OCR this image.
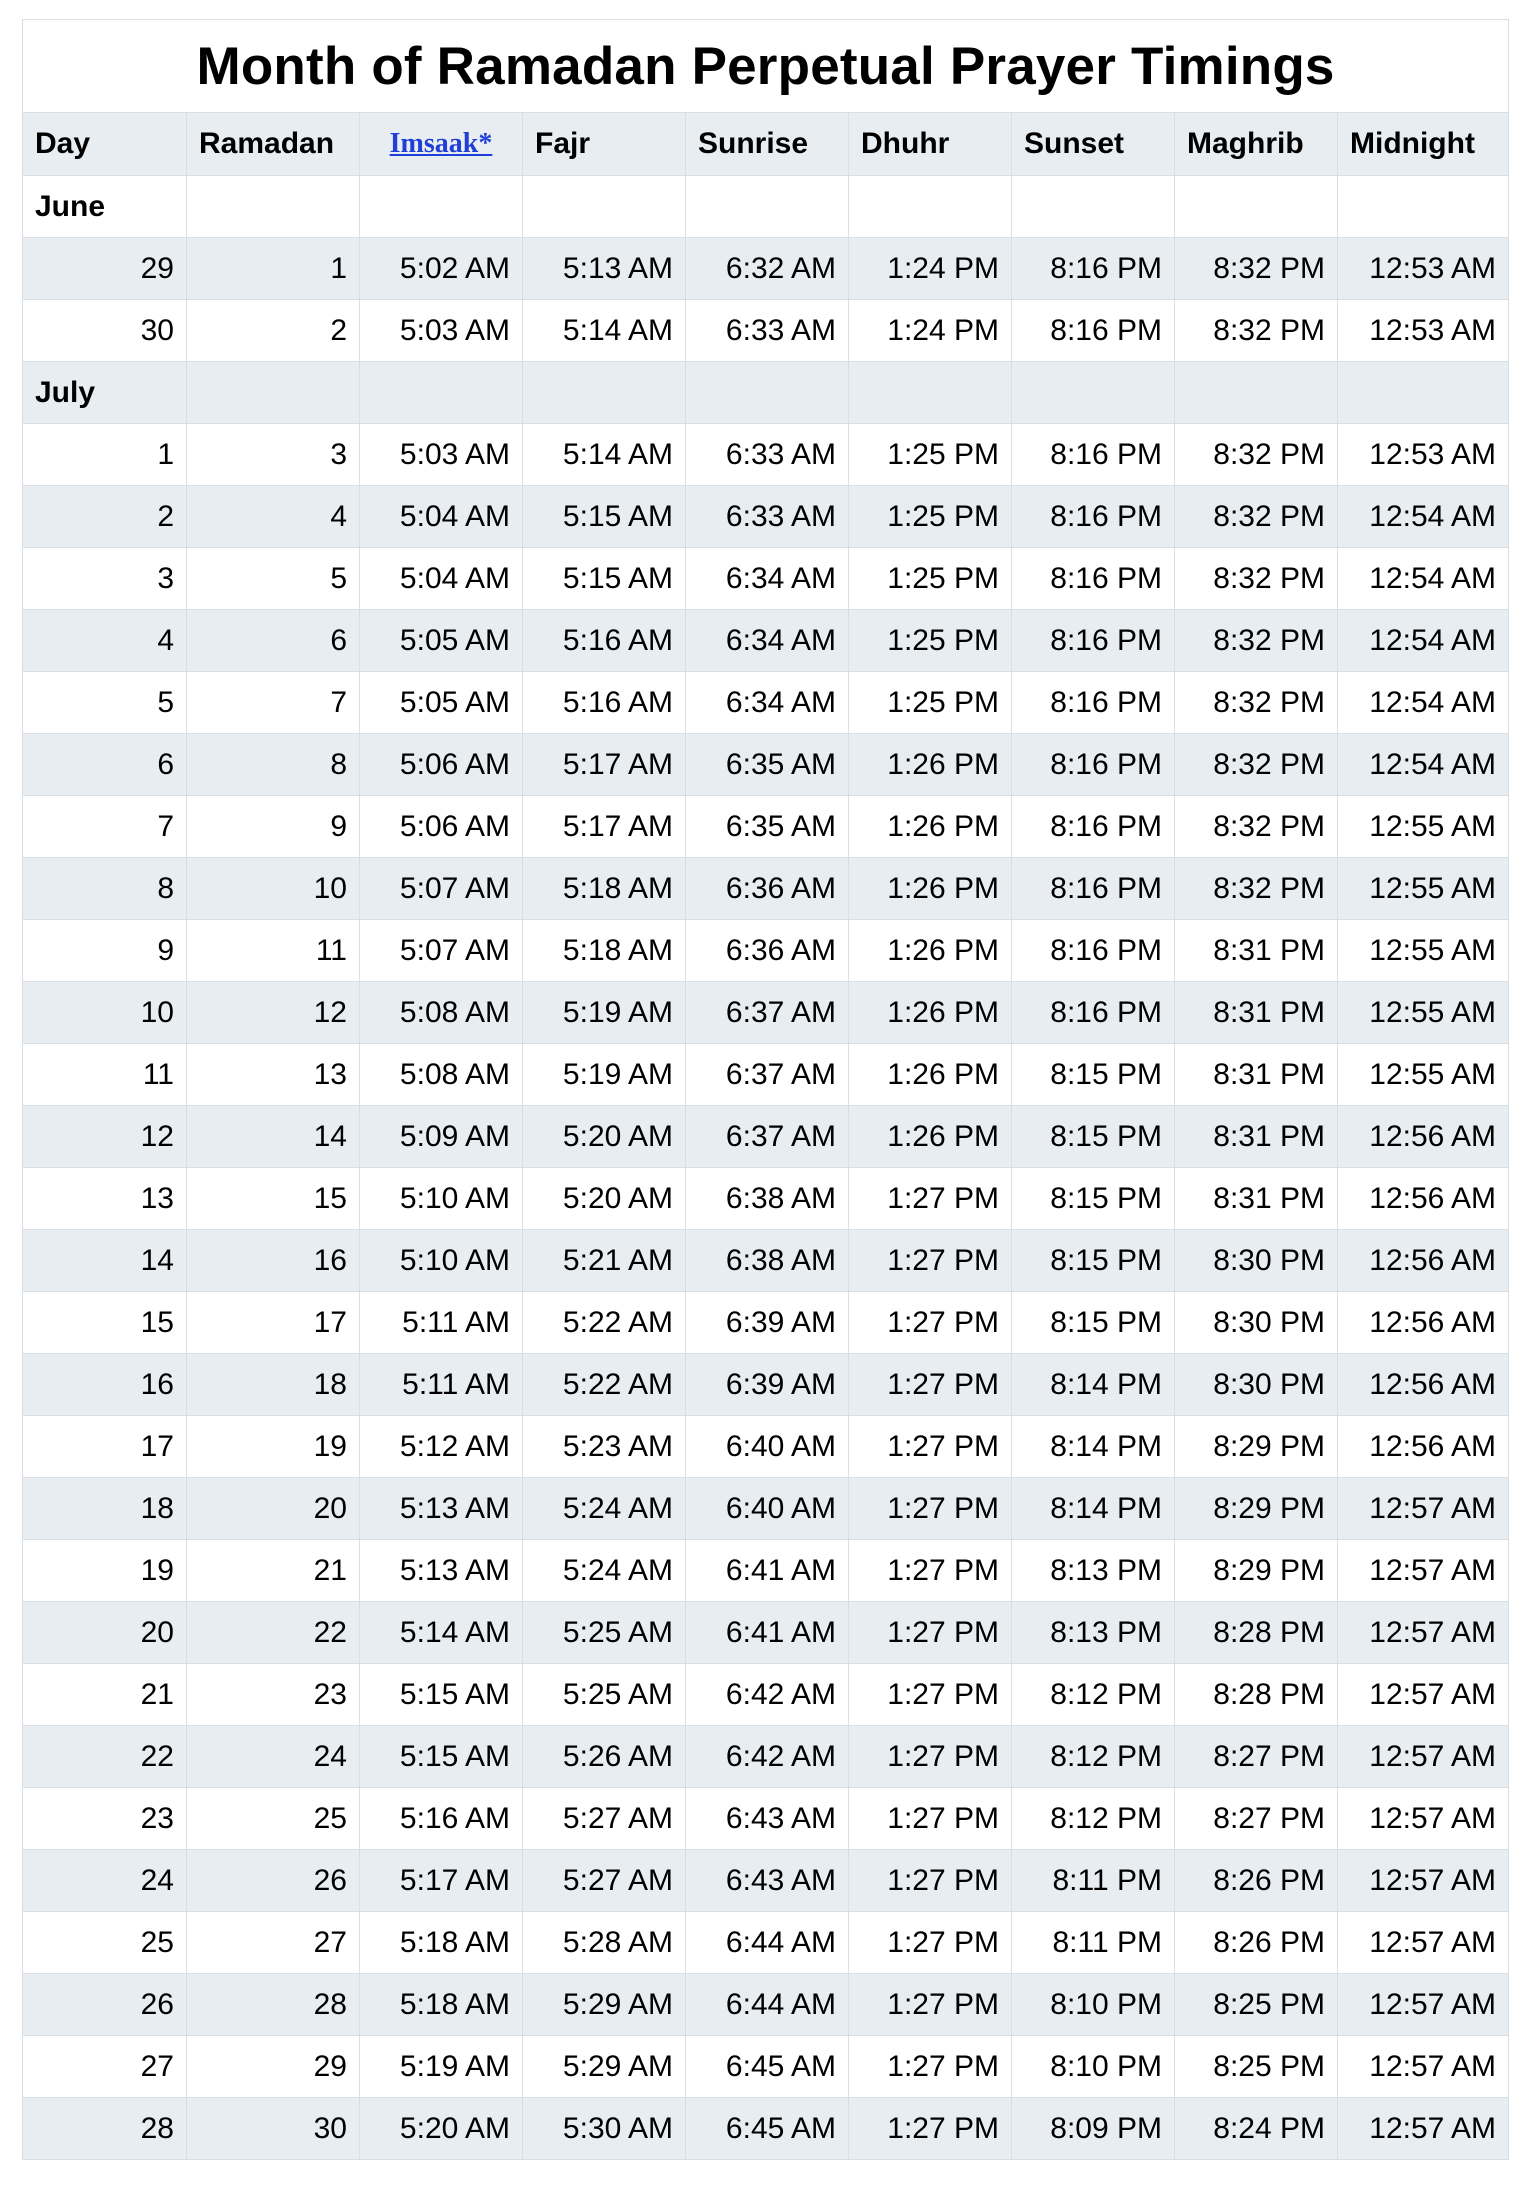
Month of Ramadan Perpetual Prayer Timings								
Day	Ramadan	Imsaak*	Fajr	Sunrise	Dhuhr	Sunset	Maghrib	Midnight
June								
29	1	5:02 AM	5:13 AM	6:32 AM	1:24 PM	8:16 PM	8:32 PM	12:53 AM
30	2	5:03 AM	5:14 AM	6:33 AM	1:24 PM	8:16 PM	8:32 PM	12:53 AM
July								
1	3	5:03 AM	5:14 AM	6:33 AM	1:25 PM	8:16 PM	8:32 PM	12:53 AM
2	4	5:04 AM	5:15 AM	6:33 AM	1:25 PM	8:16 PM	8:32 PM	12:54 AM
3	5	5:04 AM	5:15 AM	6:34 AM	1:25 PM	8:16 PM	8:32 PM	12:54 AM
4	6	5:05 AM	5:16 AM	6:34 AM	1:25 PM	8:16 PM	8:32 PM	12:54 AM
5	7	5:05 AM	5:16 AM	6:34 AM	1:25 PM	8:16 PM	8:32 PM	12:54 AM
6	8	5:06 AM	5:17 AM	6:35 AM	1:26 PM	8:16 PM	8:32 PM	12:54 AM
7	9	5:06 AM	5:17 AM	6:35 AM	1:26 PM	8:16 PM	8:32 PM	12:55 AM
8	10	5:07 AM	5:18 AM	6:36 AM	1:26 PM	8:16 PM	8:32 PM	12:55 AM
9	11	5:07 AM	5:18 AM	6:36 AM	1:26 PM	8:16 PM	8:31 PM	12:55 AM
10	12	5:08 AM	5:19 AM	6:37 AM	1:26 PM	8:16 PM	8:31 PM	12:55 AM
11	13	5:08 AM	5:19 AM	6:37 AM	1:26 PM	8:15 PM	8:31 PM	12:55 AM
12	14	5:09 AM	5:20 AM	6:37 AM	1:26 PM	8:15 PM	8:31 PM	12:56 AM
13	15	5:10 AM	5:20 AM	6:38 AM	1:27 PM	8:15 PM	8:31 PM	12:56 AM
14	16	5:10 AM	5:21 AM	6:38 AM	1:27 PM	8:15 PM	8:30 PM	12:56 AM
15	17	5:11 AM	5:22 AM	6:39 AM	1:27 PM	8:15 PM	8:30 PM	12:56 AM
16	18	5:11 AM	5:22 AM	6:39 AM	1:27 PM	8:14 PM	8:30 PM	12:56 AM
17	19	5:12 AM	5:23 AM	6:40 AM	1:27 PM	8:14 PM	8:29 PM	12:56 AM
18	20	5:13 AM	5:24 AM	6:40 AM	1:27 PM	8:14 PM	8:29 PM	12:57 AM
19	21	5:13 AM	5:24 AM	6:41 AM	1:27 PM	8:13 PM	8:29 PM	12:57 AM
20	22	5:14 AM	5:25 AM	6:41 AM	1:27 PM	8:13 PM	8:28 PM	12:57 AM
21	23	5:15 AM	5:25 AM	6:42 AM	1:27 PM	8:12 PM	8:28 PM	12:57 AM
22	24	5:15 AM	5:26 AM	6:42 AM	1:27 PM	8:12 PM	8:27 PM	12:57 AM
23	25	5:16 AM	5:27 AM	6:43 AM	1:27 PM	8:12 PM	8:27 PM	12:57 AM
24	26	5:17 AM	5:27 AM	6:43 AM	1:27 PM	8:11 PM	8:26 PM	12:57 AM
25	27	5:18 AM	5:28 AM	6:44 AM	1:27 PM	8:11 PM	8:26 PM	12:57 AM
26	28	5:18 AM	5:29 AM	6:44 AM	1:27 PM	8:10 PM	8:25 PM	12:57 AM
27	29	5:19 AM	5:29 AM	6:45 AM	1:27 PM	8:10 PM	8:25 PM	12:57 AM
28	30	5:20 AM	5:30 AM	6:45 AM	1:27 PM	8:09 PM	8:24 PM	12:57 AM
